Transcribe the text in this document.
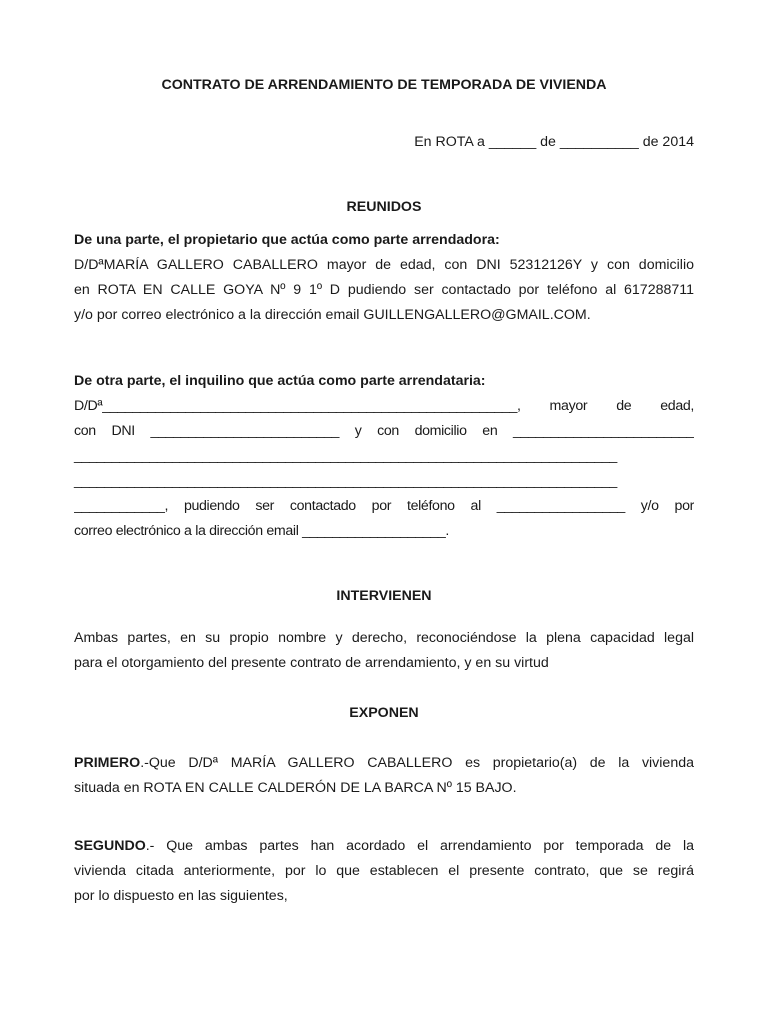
CONTRATO DE ARRENDAMIENTO DE TEMPORADA DE VIVIENDA
En ROTA a ______ de __________ de 2014
REUNIDOS
De una parte, el propietario que actúa como parte arrendadora:
D/DªMARÍA GALLERO CABALLERO mayor de edad, con DNI 52312126Y y con domicilio
en ROTA EN CALLE GOYA Nº 9 1º D pudiendo ser contactado por teléfono al 617288711
y/o por correo electrónico a la dirección email GUILLENGALLERO@GMAIL.COM.
De otra parte, el inquilino que actúa como parte arrendataria:
D/Dª_______________________________________________________, mayor de edad,
con DNI _________________________ y con domicilio en ________________________
________________________________________________________________________
________________________________________________________________________
____________, pudiendo ser contactado por teléfono al _________________ y/o por
correo electrónico a la dirección email ___________________.
INTERVIENEN
Ambas partes, en su propio nombre y derecho, reconociéndose la plena capacidad legal
para el otorgamiento del presente contrato de arrendamiento, y en su virtud
EXPONEN
PRIMERO.-Que D/Dª MARÍA GALLERO CABALLERO es propietario(a) de la vivienda
situada en ROTA EN CALLE CALDERÓN DE LA BARCA Nº 15 BAJO.
SEGUNDO.- Que ambas partes han acordado el arrendamiento por temporada de la
vivienda citada anteriormente, por lo que establecen el presente contrato, que se regirá
por lo dispuesto en las siguientes,
